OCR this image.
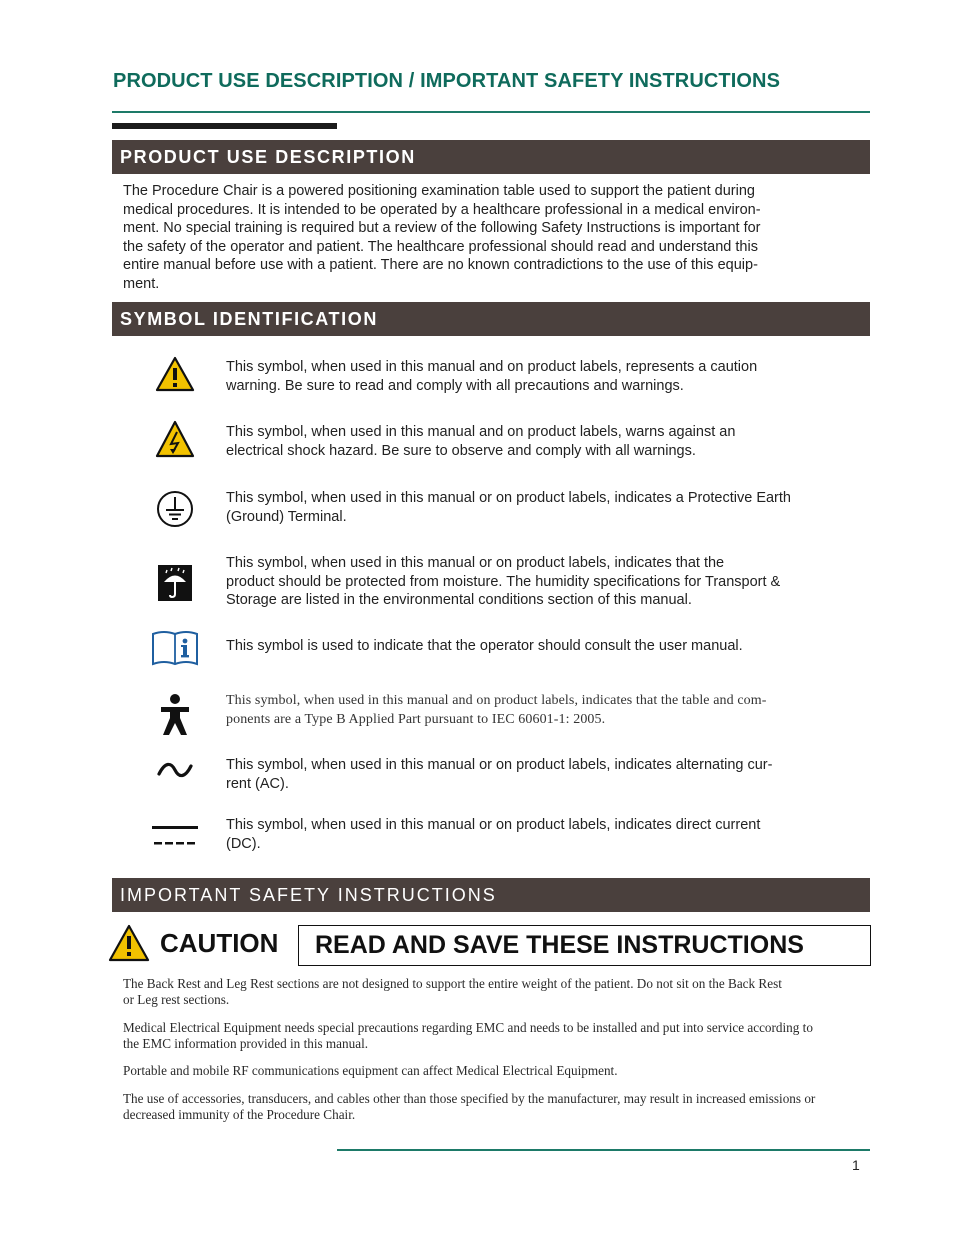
PRODUCT USE DESCRIPTION / IMPORTANT SAFETY INSTRUCTIONS
PRODUCT USE DESCRIPTION
The Procedure Chair is a powered positioning examination table used to support the patient during
medical procedures. It is intended to be operated by a healthcare professional in a medical environ-
ment. No special training is required but a review of the following Safety Instructions is important for
the safety of the operator and patient. The healthcare professional should read and understand this
entire manual before use with a patient. There are no known contradictions to the use of this equip-
ment.
SYMBOL IDENTIFICATION
This symbol, when used in this manual and on product labels, represents a caution
warning. Be sure to read and comply with all precautions and warnings.
This symbol, when used in this manual and on product labels, warns against an
electrical shock hazard. Be sure to observe and comply with all warnings.
This symbol, when used in this manual or on product labels, indicates a Protective Earth
(Ground) Terminal.
This symbol, when used in this manual or on product labels, indicates that the
product should be protected from moisture. The humidity specifications for Transport &
Storage are listed in the environmental conditions section of this manual.
This symbol is used to indicate that the operator should consult the user manual.
This symbol, when used in this manual and on product labels, indicates that the table and com-
ponents are a Type B Applied Part pursuant to IEC 60601-1: 2005.
This symbol, when used in this manual or on product labels, indicates alternating cur-
rent (AC).
This symbol, when used in this manual or on product labels, indicates direct current
(DC).
IMPORTANT SAFETY INSTRUCTIONS
CAUTION READ AND SAVE THESE INSTRUCTIONS
The Back Rest and Leg Rest sections are not designed to support the entire weight of the patient. Do not sit on the Back Rest
or Leg rest sections.
Medical Electrical Equipment needs special precautions regarding EMC and needs to be installed and put into service according to
the EMC information provided in this manual.
Portable and mobile RF communications equipment can affect Medical Electrical Equipment.
The use of accessories, transducers, and cables other than those specified by the manufacturer, may result in increased emissions or
decreased immunity of the Procedure Chair.
1
